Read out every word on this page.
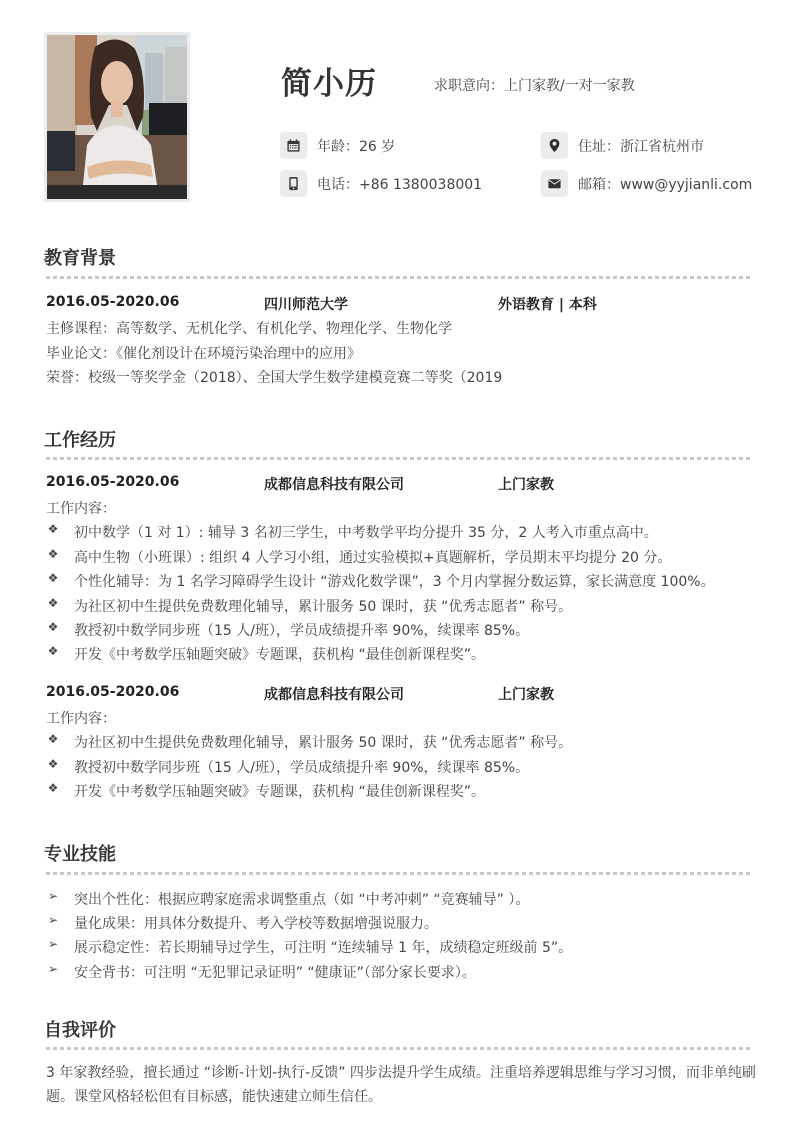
简小历	求职意向：上门家教/一对一家教
年龄：26 岁
电话：+86 1380038001
住址：浙江省杭州市
邮箱：www@yyjianli.com
教育背景
2016.05-2020.06	四川师范大学	外语教育 | 本科
主修课程：高等数学、无机化学、有机化学、物理化学、生物化学
毕业论文：《催化剂设计在环境污染治理中的应用》
荣誉：校级一等奖学金（2018）、全国大学生数学建模竞赛二等奖（2019
工作经历
2016.05-2020.06	成都信息科技有限公司	上门家教
工作内容：
❖ 初中数学（1 对 1）: 辅导 3 名初三学生，中考数学平均分提升 35 分，2 人考入市重点高中。
❖ 高中生物（小班课）: 组织 4 人学习小组，通过实验模拟+真题解析，学员期末平均提分 20 分。
❖ 个性化辅导：为 1 名学习障碍学生设计 “游戏化数学课”，3 个月内掌握分数运算，家长满意度 100%。
❖ 为社区初中生提供免费数理化辅导，累计服务 50 课时，获 “优秀志愿者” 称号。
❖ 教授初中数学同步班（15 人/班），学员成绩提升率 90%，续课率 85%。
❖ 开发《中考数学压轴题突破》专题课，获机构 “最佳创新课程奖”。
2016.05-2020.06	成都信息科技有限公司	上门家教
工作内容：
❖ 为社区初中生提供免费数理化辅导，累计服务 50 课时，获 “优秀志愿者” 称号。
❖ 教授初中数学同步班（15 人/班），学员成绩提升率 90%，续课率 85%。
❖ 开发《中考数学压轴题突破》专题课，获机构 “最佳创新课程奖”。
专业技能
➢ 突出个性化：根据应聘家庭需求调整重点（如 “中考冲刺” “竞赛辅导” ）。
➢ 量化成果：用具体分数提升、考入学校等数据增强说服力。
➢ 展示稳定性：若长期辅导过学生，可注明 “连续辅导 1 年，成绩稳定班级前 5”。
➢ 安全背书：可注明 “无犯罪记录证明” “健康证”（部分家长要求）。
自我评价
3 年家教经验，擅长通过 “诊断-计划-执行-反馈” 四步法提升学生成绩。注重培养逻辑思维与学习习惯，而非单纯刷题。课堂风格轻松但有目标感，能快速建立师生信任。
